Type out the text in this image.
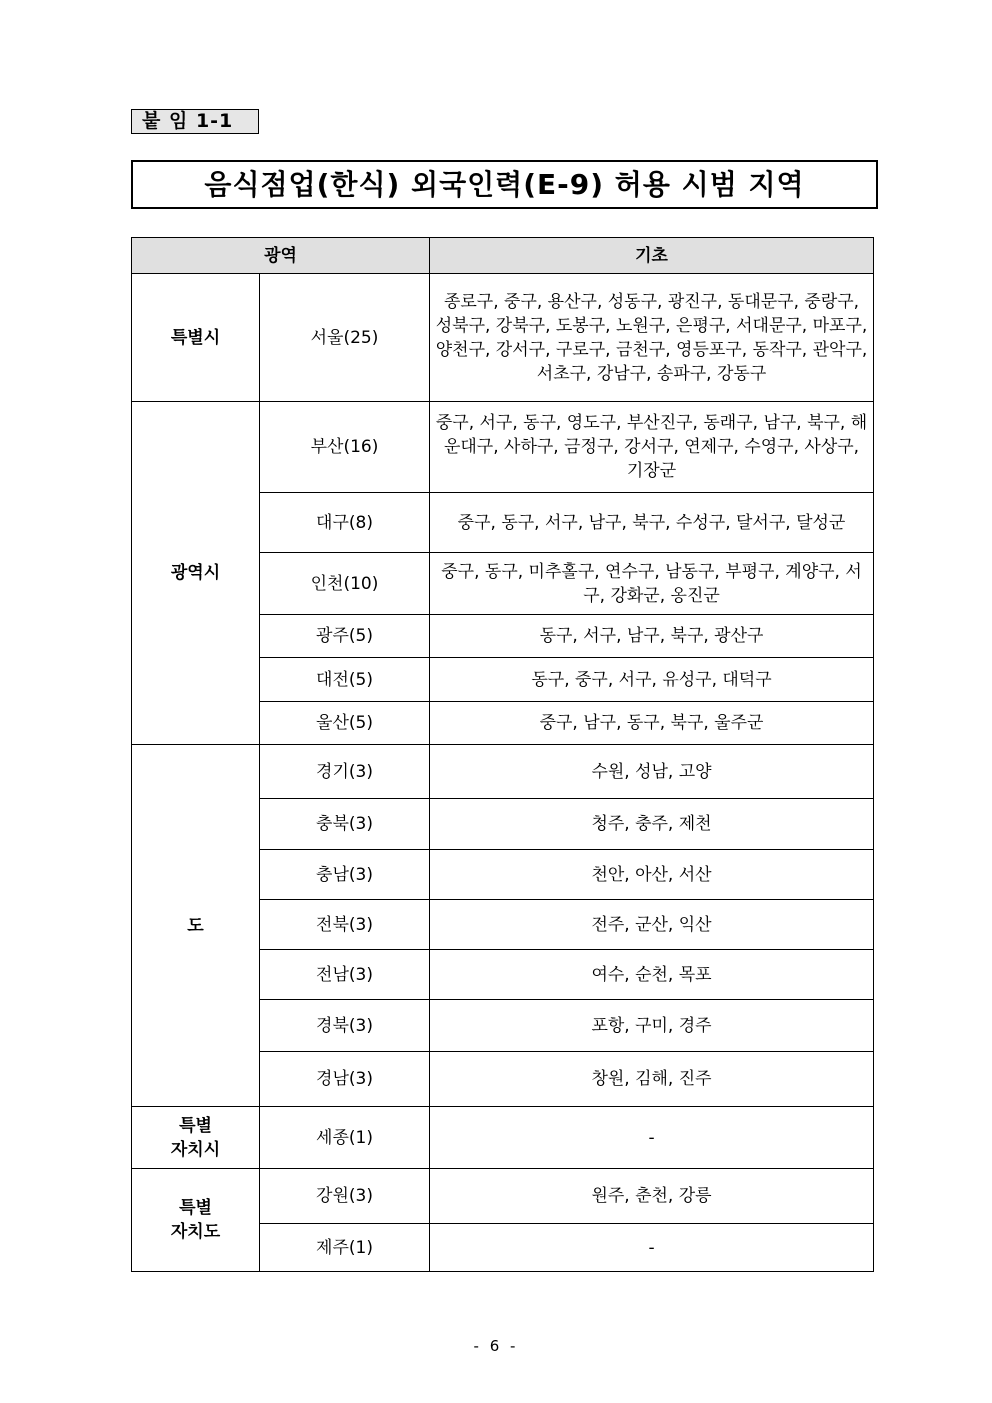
붙 임 1-1
음식점업(한식) 외국인력(E-9) 허용 시범 지역
광역		기초
특별시	서울(25)	종로구, 중구, 용산구, 성동구, 광진구, 동대문구, 중랑구, 성북구, 강북구, 도봉구, 노원구, 은평구, 서대문구, 마포구, 양천구, 강서구, 구로구, 금천구, 영등포구, 동작구, 관악구, 서초구, 강남구, 송파구, 강동구
광역시	부산(16)	중구, 서구, 동구, 영도구, 부산진구, 동래구, 남구, 북구, 해운대구, 사하구, 금정구, 강서구, 연제구, 수영구, 사상구, 기장군
	대구(8)	중구, 동구, 서구, 남구, 북구, 수성구, 달서구, 달성군
	인천(10)	중구, 동구, 미추홀구, 연수구, 남동구, 부평구, 계양구, 서구, 강화군, 옹진군
	광주(5)	동구, 서구, 남구, 북구, 광산구
	대전(5)	동구, 중구, 서구, 유성구, 대덕구
	울산(5)	중구, 남구, 동구, 북구, 울주군
도	경기(3)	수원, 성남, 고양
	충북(3)	청주, 충주, 제천
	충남(3)	천안, 아산, 서산
	전북(3)	전주, 군산, 익산
	전남(3)	여수, 순천, 목포
	경북(3)	포항, 구미, 경주
	경남(3)	창원, 김해, 진주
특별
자치시	세종(1)	-
특별
자치도	강원(3)	원주, 춘천, 강릉
	제주(1)	-
- 6 -
